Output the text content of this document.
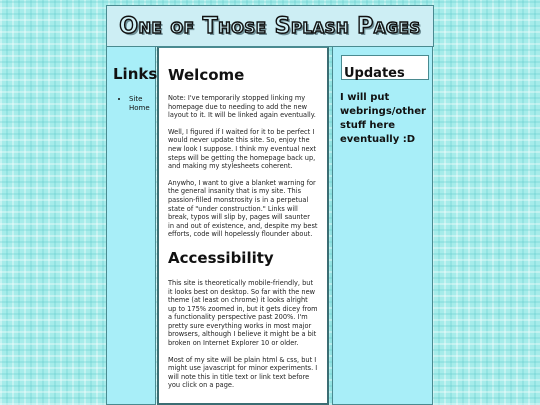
One of Those Splash Pages
Links
• Site Home
Welcome

Note: I've temporarily stopped linking my homepage due to needing to add the new layout to it. It will be linked again eventually.

Well, I figured if I waited for it to be perfect I would never update this site. So, enjoy the new look I suppose. I think my eventual next steps will be getting the homepage back up, and making my stylesheets coherent.

Anywho, I want to give a blanket warning for the general insanity that is my site. This passion-filled monstrosity is in a perpetual state of "under construction." Links will break, typos will slip by, pages will saunter in and out of existence, and, despite my best efforts, code will hopelessly flounder about.

Accessibility

This site is theoretically mobile-friendly, but it looks best on desktop. So far with the new theme (at least on chrome) it looks alright up to 175% zoomed in, but it gets dicey from a functionality perspective past 200%. I'm pretty sure everything works in most major browsers, although I believe it might be a bit broken on Internet Explorer 10 or older.

Most of my site will be plain html & css, but I might use javascript for minor experiments. I will note this in title text or link text before you click on a page.

Updates
I will put webrings/other stuff here eventually :D
